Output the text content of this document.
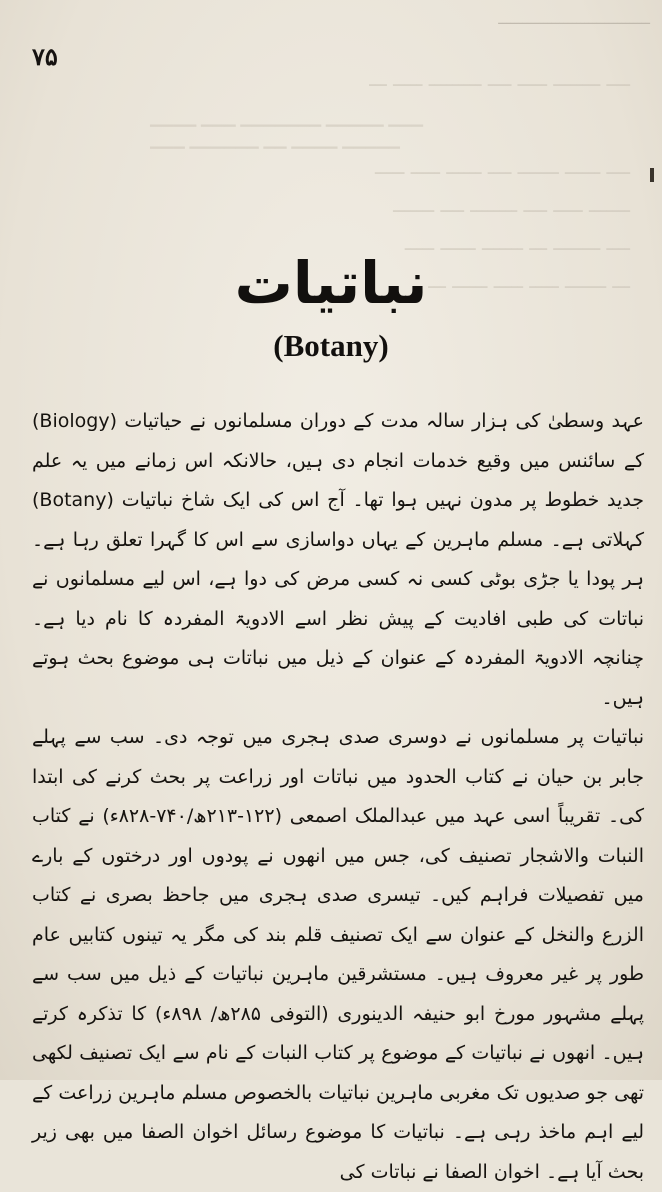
ـــــــــــــــــــــــــــــــــــــ
۷۵
ــــ ــــــــ ـــــ ــــ ـــــــــ ـــــ ـــ
ــــ ــــــ ـــــــ ــــ ــــــ ـــــ ـــــ
ـــــــ ـــــ ــــ ــــــــ ــــ ـــــــ
ــــ ــــــــ ـــ ـــــــ ــــــ ـــــ
ـــ ـــــــ ـــــ ـــــ ــــــ ـــ
▁▁▁▁ ▁▁▁ ▁▁▁▁▁▁▁ ▁▁▁▁▁ ▁▁▁
▁▁▁ ▁▁▁▁▁▁ ▁▁ ▁▁▁▁ ▁▁▁▁▁
نباتیات
(Botany)

عہد وسطیٰ کی ہزار سالہ مدت کے دوران مسلمانوں نے حیاتیات (Biology) کے سائنس میں وقیع خدمات انجام دی ہیں، حالانکہ اس زمانے میں یہ علم جدید خطوط پر مدون نہیں ہوا تھا۔ آج اس کی ایک شاخ نباتیات (Botany) کہلاتی ہے۔ مسلم ماہرین کے یہاں دواسازی سے اس کا گہرا تعلق رہا ہے۔ ہر پودا یا جڑی بوٹی کسی نہ کسی مرض کی دوا ہے، اس لیے مسلمانوں نے نباتات کی طبی افادیت کے پیش نظر اسے الادویۃ المفردہ کا نام دیا ہے۔ چنانچہ الادویۃ المفردہ کے عنوان کے ذیل میں نباتات ہی موضوع بحث ہوتے ہیں۔

نباتیات پر مسلمانوں نے دوسری صدی ہجری میں توجہ دی۔ سب سے پہلے جابر بن حیان نے کتاب الحدود میں نباتات اور زراعت پر بحث کرنے کی ابتدا کی۔ تقریباً اسی عہد میں عبدالملک اصمعی (۱۲۲-۲۱۳ھ/۷۴۰-۸۲۸ء) نے کتاب النبات والاشجار تصنیف کی، جس میں انھوں نے پودوں اور درختوں کے بارے میں تفصیلات فراہم کیں۔ تیسری صدی ہجری میں جاحظ بصری نے کتاب الزرع والنخل کے عنوان سے ایک تصنیف قلم بند کی مگر یہ تینوں کتابیں عام طور پر غیر معروف ہیں۔ مستشرقین ماہرین نباتیات کے ذیل میں سب سے پہلے مشہور مورخ ابو حنیفہ الدینوری (التوفی ۲۸۵ھ/ ۸۹۸ء) کا تذکرہ کرتے ہیں۔ انھوں نے نباتیات کے موضوع پر کتاب النبات کے نام سے ایک تصنیف لکھی تھی جو صدیوں تک مغربی ماہرین نباتیات بالخصوص مسلم ماہرین زراعت کے لیے اہم ماخذ رہی ہے۔ نباتیات کا موضوع رسائل اخوان الصفا میں بھی زیر بحث آیا ہے۔ اخوان الصفا نے نباتات کی
